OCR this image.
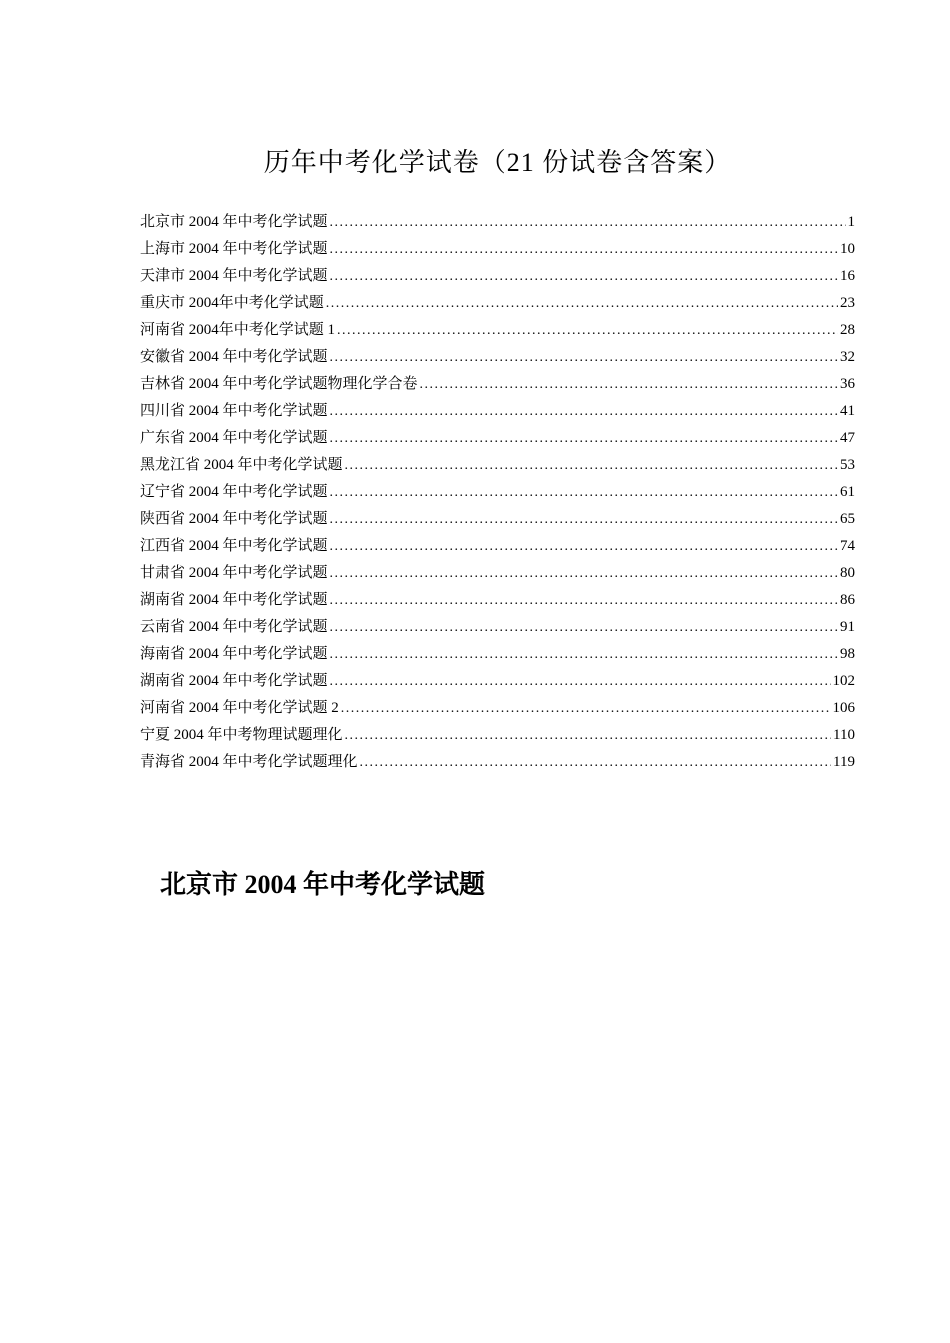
历年中考化学试卷（21 份试卷含答案）
北京市 2004 年中考化学试题 .....	1
上海市 2004 年中考化学试题 .....	10
天津市 2004 年中考化学试题 .....	16
重庆市 2004年中考化学试题 .....	23
河南省 2004年中考化学试题 1 .....	28
安徽省 2004 年中考化学试题 .....	32
吉林省 2004 年中考化学试题物理化学合卷 .....	36
四川省 2004 年中考化学试题 .....	41
广东省 2004 年中考化学试题 .....	47
黑龙江省 2004 年中考化学试题 .....	53
辽宁省 2004 年中考化学试题 .....	61
陕西省 2004 年中考化学试题 .....	65
江西省 2004 年中考化学试题 .....	74
甘肃省 2004 年中考化学试题 .....	80
湖南省 2004 年中考化学试题 .....	86
云南省 2004 年中考化学试题 .....	91
海南省 2004 年中考化学试题 .....	98
湖南省 2004 年中考化学试题 .....	102
河南省 2004 年中考化学试题 2 .....	106
宁夏 2004 年中考物理试题理化 .....	110
青海省 2004 年中考化学试题理化 .....	119
北京市 2004 年中考化学试题
